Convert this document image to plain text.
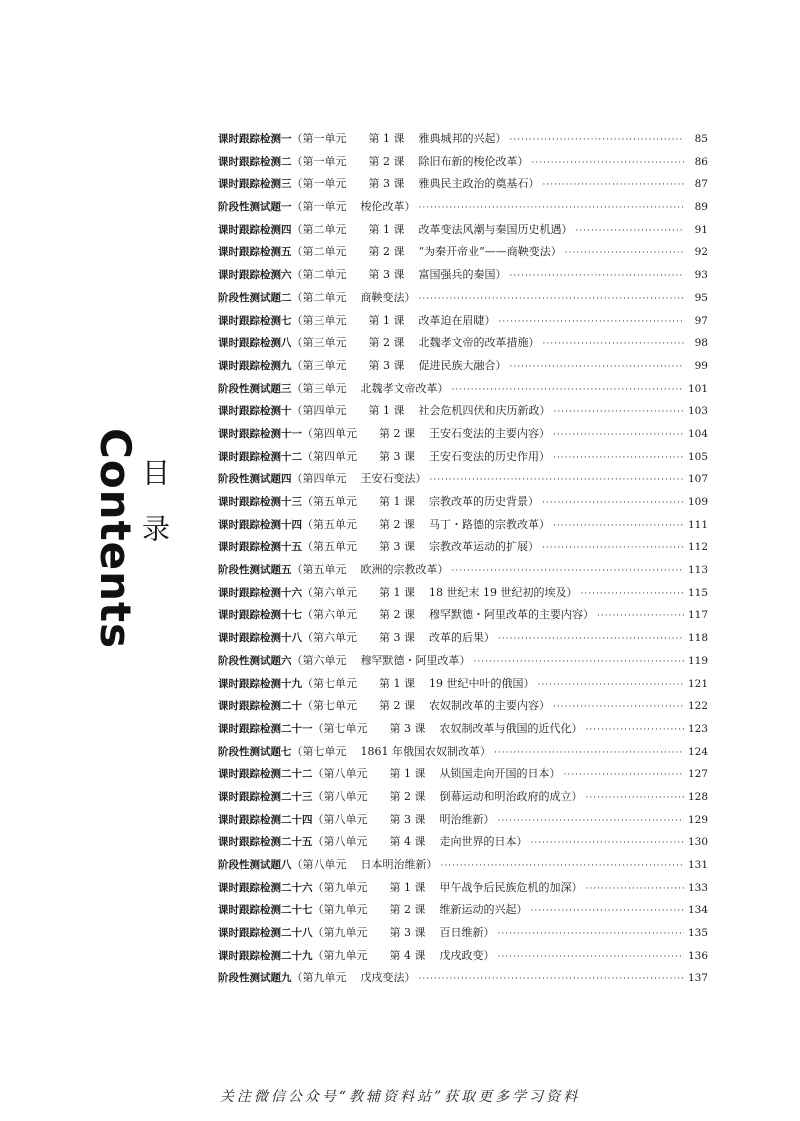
Contents
目录
课时跟踪检测一 （第一单元 第 1 课 雅典城邦的兴起） ·····	85
课时跟踪检测二 （第一单元 第 2 课 除旧布新的梭伦改革） ·····	86
课时跟踪检测三 （第一单元 第 3 课 雅典民主政治的奠基石） ·····	87
阶段性测试题一 （第一单元 梭伦改革） ·····	89
课时跟踪检测四 （第二单元 第 1 课 改革变法风潮与秦国历史机遇） ·····	91
课时跟踪检测五 （第二单元 第 2 课 “为秦开帝业”——商鞅变法） ·····	92
课时跟踪检测六 （第二单元 第 3 课 富国强兵的秦国） ·····	93
阶段性测试题二 （第二单元 商鞅变法） ·····	95
课时跟踪检测七 （第三单元 第 1 课 改革迫在眉睫） ·····	97
课时跟踪检测八 （第三单元 第 2 课 北魏孝文帝的改革措施） ·····	98
课时跟踪检测九 （第三单元 第 3 课 促进民族大融合） ·····	99
阶段性测试题三 （第三单元 北魏孝文帝改革） ·····	101
课时跟踪检测十 （第四单元 第 1 课 社会危机四伏和庆历新政） ·····	103
课时跟踪检测十一 （第四单元 第 2 课 王安石变法的主要内容） ·····	104
课时跟踪检测十二 （第四单元 第 3 课 王安石变法的历史作用） ·····	105
阶段性测试题四 （第四单元 王安石变法） ·····	107
课时跟踪检测十三 （第五单元 第 1 课 宗教改革的历史背景） ·····	109
课时跟踪检测十四 （第五单元 第 2 课 马丁・路德的宗教改革） ·····	111
课时跟踪检测十五 （第五单元 第 3 课 宗教改革运动的扩展） ·····	112
阶段性测试题五 （第五单元 欧洲的宗教改革） ·····	113
课时跟踪检测十六 （第六单元 第 1 课 18 世纪末 19 世纪初的埃及） ·····	115
课时跟踪检测十七 （第六单元 第 2 课 穆罕默德・阿里改革的主要内容） ·····	117
课时跟踪检测十八 （第六单元 第 3 课 改革的后果） ·····	118
阶段性测试题六 （第六单元 穆罕默德・阿里改革） ·····	119
课时跟踪检测十九 （第七单元 第 1 课 19 世纪中叶的俄国） ·····	121
课时跟踪检测二十 （第七单元 第 2 课 农奴制改革的主要内容） ·····	122
课时跟踪检测二十一 （第七单元 第 3 课 农奴制改革与俄国的近代化） ·····	123
阶段性测试题七 （第七单元 1861 年俄国农奴制改革） ·····	124
课时跟踪检测二十二 （第八单元 第 1 课 从锁国走向开国的日本） ·····	127
课时跟踪检测二十三 （第八单元 第 2 课 倒幕运动和明治政府的成立） ·····	128
课时跟踪检测二十四 （第八单元 第 3 课 明治维新） ·····	129
课时跟踪检测二十五 （第八单元 第 4 课 走向世界的日本） ·····	130
阶段性测试题八 （第八单元 日本明治维新） ·····	131
课时跟踪检测二十六 （第九单元 第 1 课 甲午战争后民族危机的加深） ·····	133
课时跟踪检测二十七 （第九单元 第 2 课 维新运动的兴起） ·····	134
课时跟踪检测二十八 （第九单元 第 3 课 百日维新） ·····	135
课时跟踪检测二十九 （第九单元 第 4 课 戊戌政变） ·····	136
阶段性测试题九 （第九单元 戊戌变法） ·····	137
关注微信公众号“教辅资料站”获取更多学习资料
